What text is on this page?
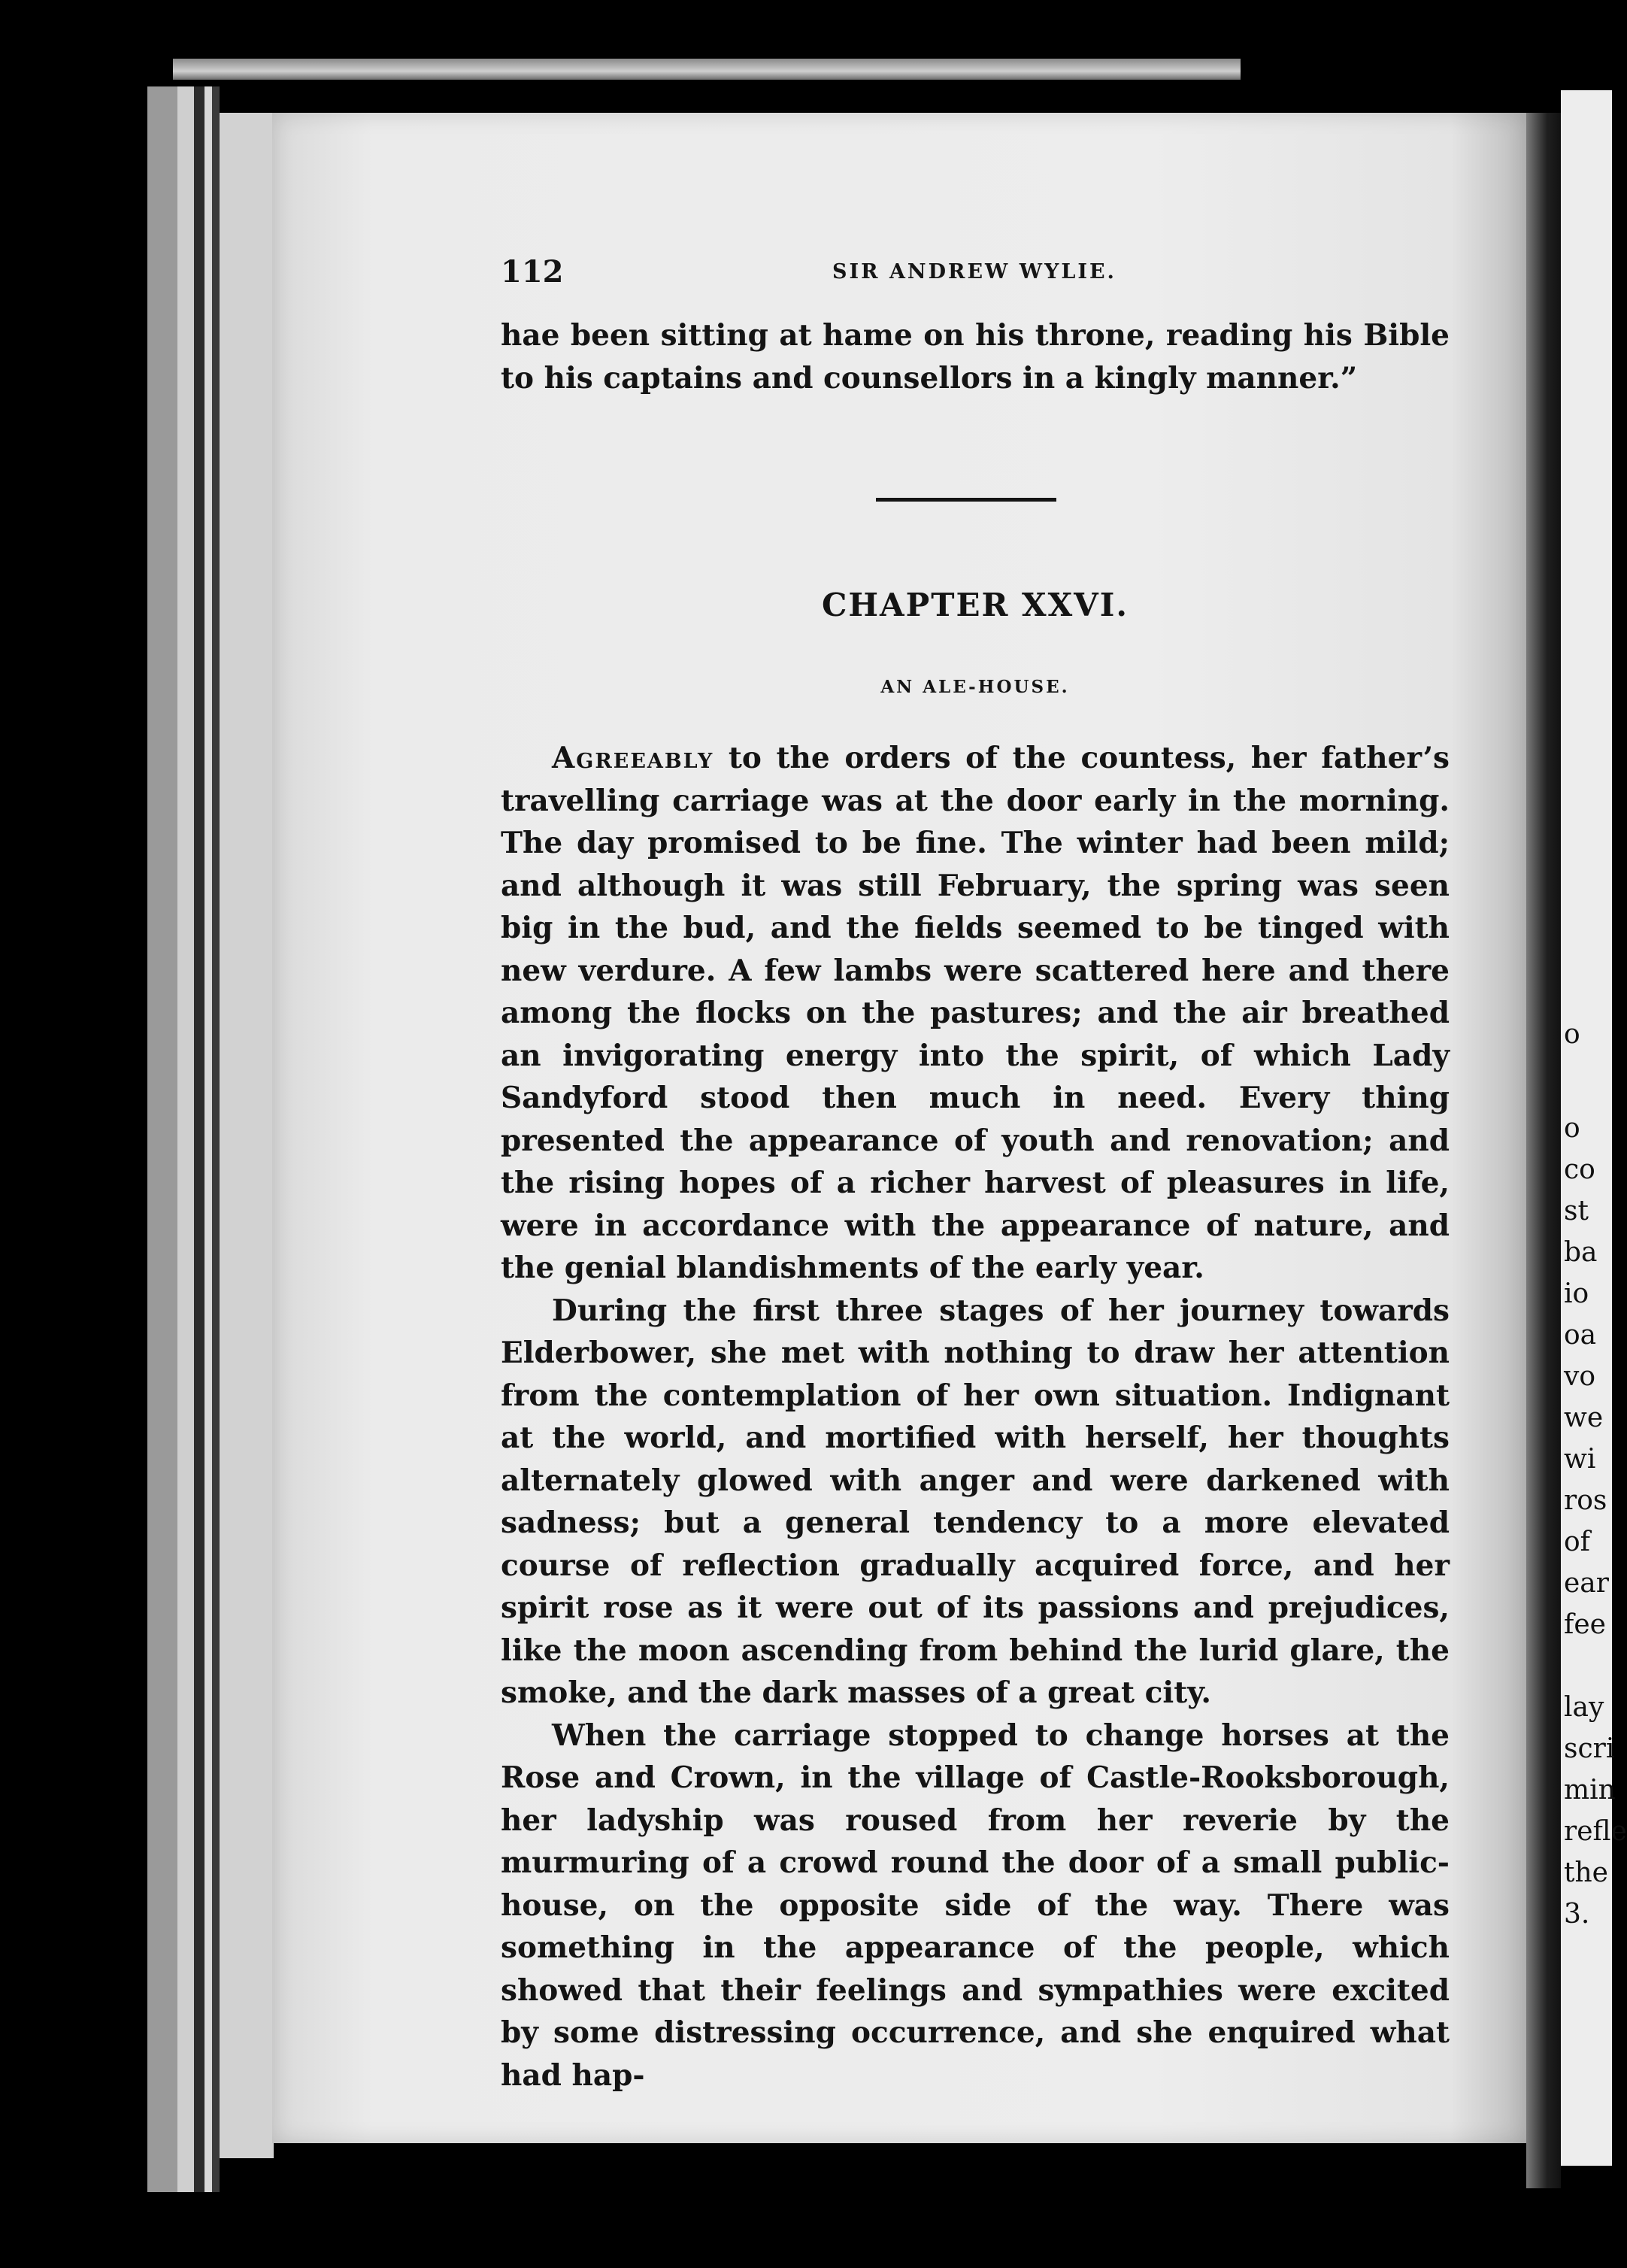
o
o
co
st
ba
io
oa
vo
we
wi
ros
of
ear
fee
lay
scri
min
refle
the
3.
112	SIR ANDREW WYLIE.

hae been sitting at hame on his throne, reading his Bible to his captains and counsellors in a kingly manner.”

CHAPTER XXVI.
AN ALE-HOUSE.

Agreeably to the orders of the countess, her father’s travelling carriage was at the door early in the morning. The day promised to be fine. The winter had been mild; and although it was still February, the spring was seen big in the bud, and the fields seemed to be tinged with new verdure. A few lambs were scattered here and there among the flocks on the pastures; and the air breathed an invigorating energy into the spirit, of which Lady Sandyford stood then much in need. Every thing presented the appearance of youth and renovation; and the rising hopes of a richer harvest of pleasures in life, were in accordance with the appearance of nature, and the genial blandishments of the early year.

During the first three stages of her journey towards Elderbower, she met with nothing to draw her attention from the contemplation of her own situation. Indignant at the world, and mortified with herself, her thoughts alternately glowed with anger and were darkened with sadness; but a general tendency to a more elevated course of reflection gradually acquired force, and her spirit rose as it were out of its passions and prejudices, like the moon ascending from behind the lurid glare, the smoke, and the dark masses of a great city.

When the carriage stopped to change horses at the Rose and Crown, in the village of Castle-Rooksborough, her ladyship was roused from her reverie by the murmuring of a crowd round the door of a small public-house, on the opposite side of the way. There was something in the appearance of the people, which showed that their feelings and sympathies were excited by some distressing occurrence, and she enquired what had hap-
